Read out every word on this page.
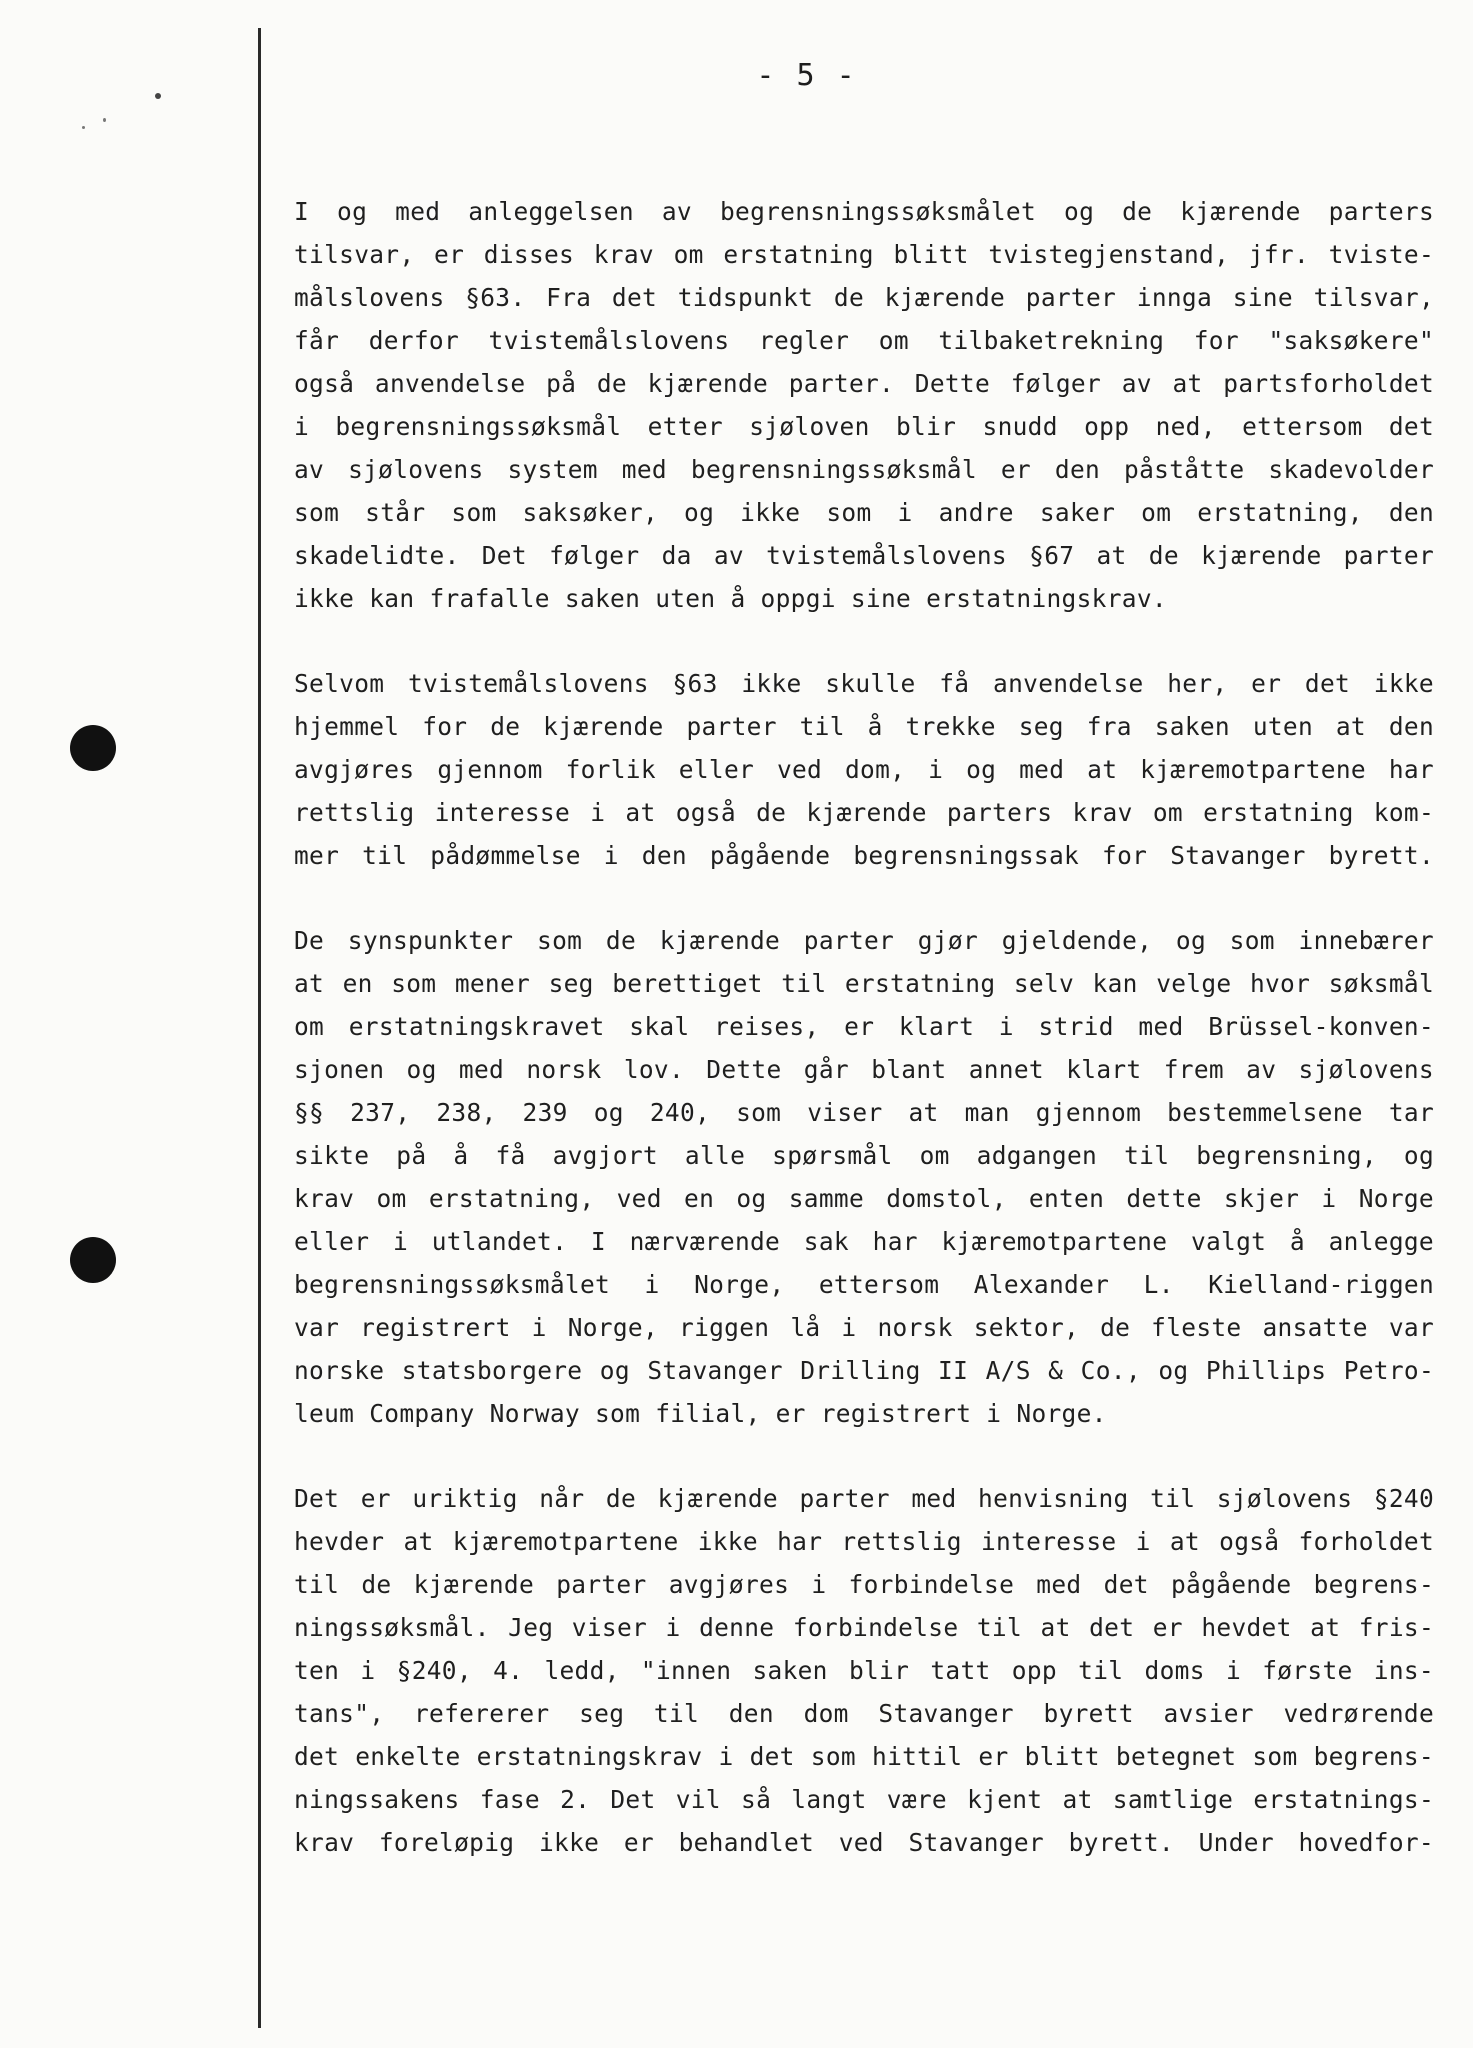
- 5 -
I og med anleggelsen av begrensningssøksmålet og de kjærende parters
tilsvar, er disses krav om erstatning blitt tvistegjenstand, jfr. tviste-
målslovens §63. Fra det tidspunkt de kjærende parter innga sine tilsvar,
får derfor tvistemålslovens regler om tilbaketrekning for "saksøkere"
også anvendelse på de kjærende parter. Dette følger av at partsforholdet
i begrensningssøksmål etter sjøloven blir snudd opp ned, ettersom det
av sjølovens system med begrensningssøksmål er den påståtte skadevolder
som står som saksøker, og ikke som i andre saker om erstatning, den
skadelidte. Det følger da av tvistemålslovens §67 at de kjærende parter
ikke kan frafalle saken uten å oppgi sine erstatningskrav.
Selvom tvistemålslovens §63 ikke skulle få anvendelse her, er det ikke
hjemmel for de kjærende parter til å trekke seg fra saken uten at den
avgjøres gjennom forlik eller ved dom, i og med at kjæremotpartene har
rettslig interesse i at også de kjærende parters krav om erstatning kom-
mer til pådømmelse i den pågående begrensningssak for Stavanger byrett.
De synspunkter som de kjærende parter gjør gjeldende, og som innebærer
at en som mener seg berettiget til erstatning selv kan velge hvor søksmål
om erstatningskravet skal reises, er klart i strid med Brüssel-konven-
sjonen og med norsk lov. Dette går blant annet klart frem av sjølovens
§§ 237, 238, 239 og 240, som viser at man gjennom bestemmelsene tar
sikte på å få avgjort alle spørsmål om adgangen til begrensning, og
krav om erstatning, ved en og samme domstol, enten dette skjer i Norge
eller i utlandet. I nærværende sak har kjæremotpartene valgt å anlegge
begrensningssøksmålet i Norge, ettersom Alexander L. Kielland-riggen
var registrert i Norge, riggen lå i norsk sektor, de fleste ansatte var
norske statsborgere og Stavanger Drilling II A/S & Co., og Phillips Petro-
leum Company Norway som filial, er registrert i Norge.
Det er uriktig når de kjærende parter med henvisning til sjølovens §240
hevder at kjæremotpartene ikke har rettslig interesse i at også forholdet
til de kjærende parter avgjøres i forbindelse med det pågående begrens-
ningssøksmål. Jeg viser i denne forbindelse til at det er hevdet at fris-
ten i §240, 4. ledd, "innen saken blir tatt opp til doms i første ins-
tans", refererer seg til den dom Stavanger byrett avsier vedrørende
det enkelte erstatningskrav i det som hittil er blitt betegnet som begrens-
ningssakens fase 2. Det vil så langt være kjent at samtlige erstatnings-
krav foreløpig ikke er behandlet ved Stavanger byrett. Under hovedfor-
